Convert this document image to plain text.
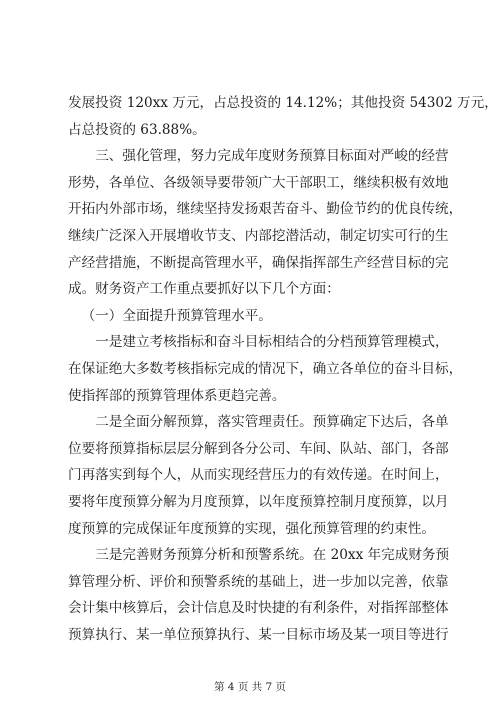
发展投资 120xx 万元，占总投资的 14.12%；其他投资 54302 万元，
占总投资的 63.88%。

三、强化管理，努力完成年度财务预算目标面对严峻的经营
形势，各单位、各级领导要带领广大干部职工，继续积极有效地
开拓内外部市场，继续坚持发扬艰苦奋斗、勤俭节约的优良传统，
继续广泛深入开展增收节支、内部挖潜活动，制定切实可行的生
产经营措施，不断提高管理水平，确保指挥部生产经营目标的完
成。财务资产工作重点要抓好以下几个方面：

（一）全面提升预算管理水平。

一是建立考核指标和奋斗目标相结合的分档预算管理模式，
在保证绝大多数考核指标完成的情况下，确立各单位的奋斗目标，
使指挥部的预算管理体系更趋完善。

二是全面分解预算，落实管理责任。预算确定下达后，各单
位要将预算指标层层分解到各分公司、车间、队站、部门，各部
门再落实到每个人，从而实现经营压力的有效传递。在时间上，
要将年度预算分解为月度预算，以年度预算控制月度预算，以月
度预算的完成保证年度预算的实现，强化预算管理的约束性。

三是完善财务预算分析和预警系统。在 20xx 年完成财务预
算管理分析、评价和预警系统的基础上，进一步加以完善，依靠
会计集中核算后，会计信息及时快捷的有利条件，对指挥部整体
预算执行、某一单位预算执行、某一目标市场及某一项目等进行

第 4 页 共 7 页
